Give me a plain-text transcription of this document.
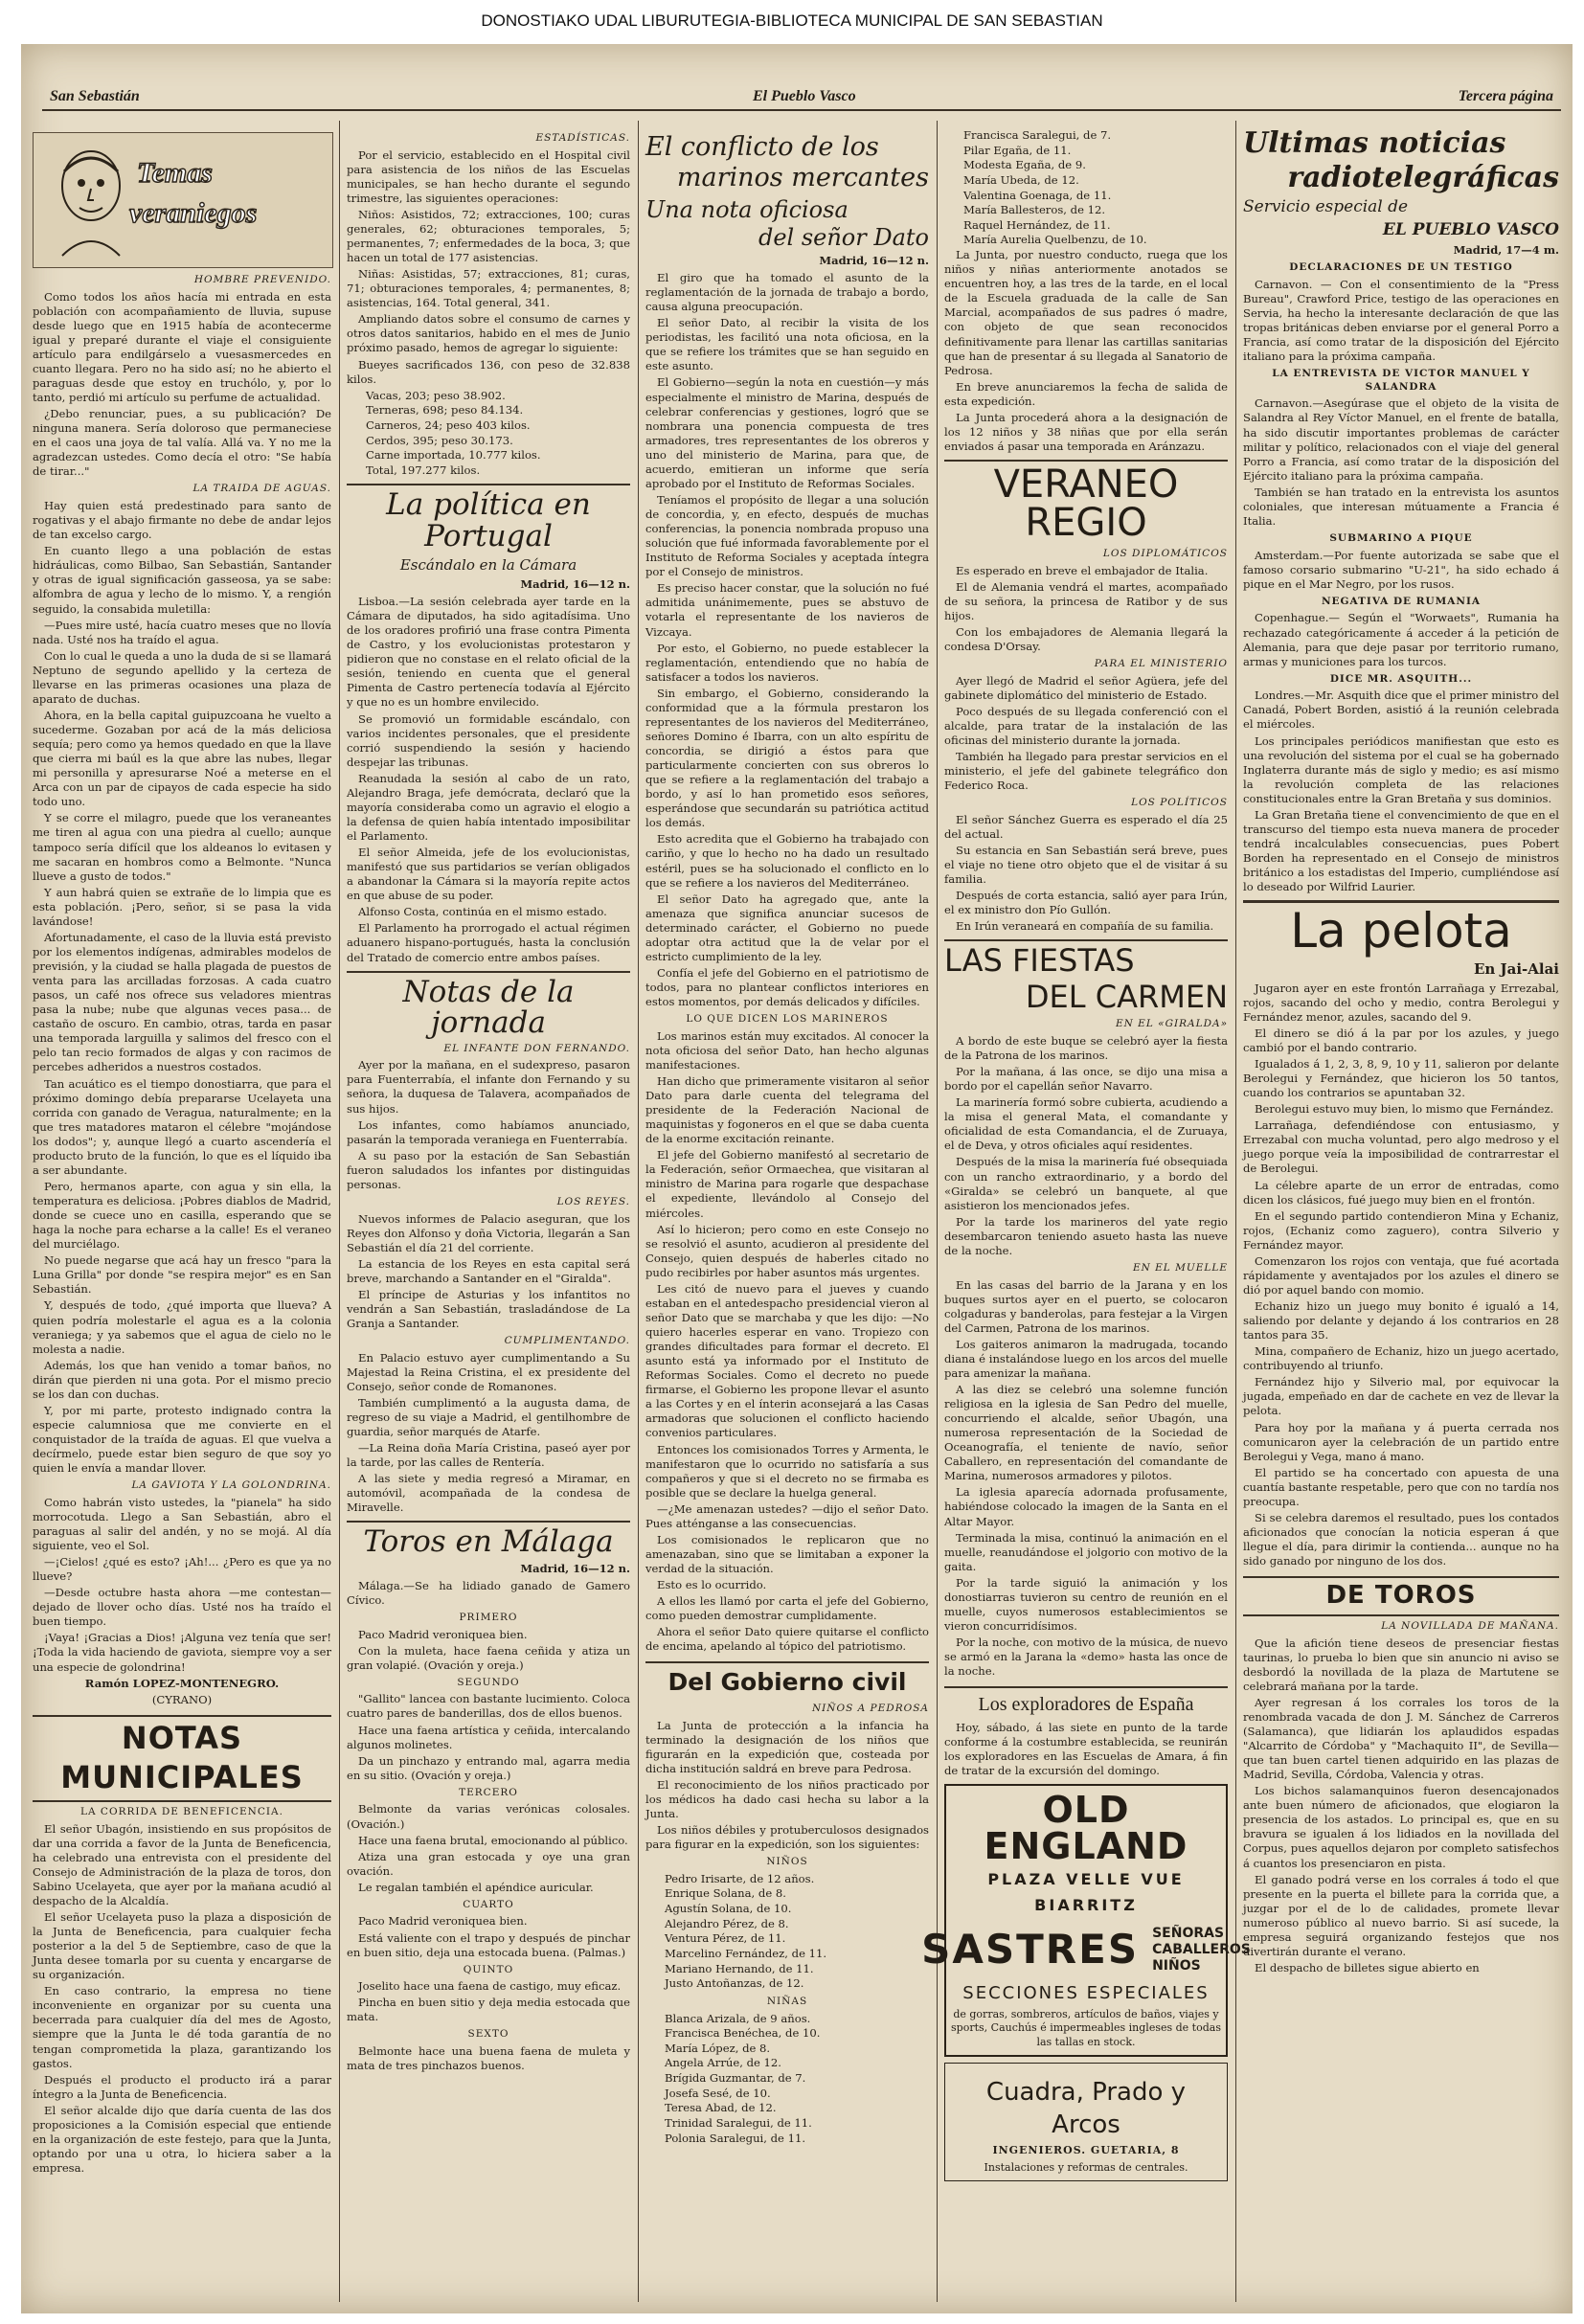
DONOSTIAKO UDAL LIBURUTEGIA-BIBLIOTECA MUNICIPAL DE SAN SEBASTIAN
San Sebastián	El Pueblo Vasco	Tercera página
Temas
veraniegos

HOMBRE PREVENIDO.

Como todos los años hacía mi entrada en esta población con acompañamiento de lluvia, supuse desde luego que en 1915 había de acontecerme igual y preparé durante el viaje el consiguiente artículo para endilgárselo a vuesasmercedes en cuanto llegara. Pero no ha sido así; no he abierto el paraguas desde que estoy en truchólo, y, por lo tanto, perdió mi artículo su perfume de actualidad.

¿Debo renunciar, pues, a su publicación? De ninguna manera. Sería doloroso que permaneciese en el caos una joya de tal valía. Allá va. Y no me la agradezcan ustedes. Como decía el otro: "Se había de tirar..."

LA TRAIDA DE AGUAS.

Hay quien está predestinado para santo de rogativas y el abajo firmante no debe de andar lejos de tan excelso cargo.

En cuanto llego a una población de estas hidráulicas, como Bilbao, San Sebastián, Santander y otras de igual significación gasseosa, ya se sabe: alfombra de agua y lecho de lo mismo. Y, a rengión seguido, la consabida muletilla:

—Pues mire usté, hacía cuatro meses que no llovía nada. Usté nos ha traído el agua.

Con lo cual le queda a uno la duda de si se llamará Neptuno de segundo apellido y la certeza de llevarse en las primeras ocasiones una plaza de aparato de duchas.

Ahora, en la bella capital guipuzcoana he vuelto a sucederme. Gozaban por acá de la más deliciosa sequía; pero como ya hemos quedado en que la llave que cierra mi baúl es la que abre las nubes, llegar mi personilla y apresurarse Noé a meterse en el Arca con un par de cipayos de cada especie ha sido todo uno.

Y se corre el milagro, puede que los veraneantes me tiren al agua con una piedra al cuello; aunque tampoco sería difícil que los aldeanos lo evitasen y me sacaran en hombros como a Belmonte. "Nunca llueve a gusto de todos."

Y aun habrá quien se extrañe de lo limpia que es esta población. ¡Pero, señor, si se pasa la vida lavándose!

Afortunadamente, el caso de la lluvia está previsto por los elementos indígenas, admirables modelos de previsión, y la ciudad se halla plagada de puestos de venta para las arcilladas forzosas. A cada cuatro pasos, un café nos ofrece sus veladores mientras pasa la nube; nube que algunas veces pasa... de castaño de oscuro. En cambio, otras, tarda en pasar una temporada larguilla y salimos del fresco con el pelo tan recio formados de algas y con racimos de percebes adheridos a nuestros costados.

Tan acuático es el tiempo donostiarra, que para el próximo domingo debía prepararse Ucelayeta una corrida con ganado de Veragua, naturalmente; en la que tres matadores mataron el célebre "mojándose los dodos"; y, aunque llegó a cuarto ascendería el producto bruto de la función, lo que es el líquido iba a ser abundante.

Pero, hermanos aparte, con agua y sin ella, la temperatura es deliciosa. ¡Pobres diablos de Madrid, donde se cuece uno en casilla, esperando que se haga la noche para echarse a la calle! Es el veraneo del murciélago.

No puede negarse que acá hay un fresco "para la Luna Grilla" por donde "se respira mejor" es en San Sebastián.

Y, después de todo, ¿qué importa que llueva? A quien podría molestarle el agua es a la colonia veraniega; y ya sabemos que el agua de cielo no le molesta a nadie.

Además, los que han venido a tomar baños, no dirán que pierden ni una gota. Por el mismo precio se los dan con duchas.

Y, por mi parte, protesto indignado contra la especie calumniosa que me convierte en el conquistador de la traída de aguas. El que vuelva a decírmelo, puede estar bien seguro de que soy yo quien le envía a mandar llover.

LA GAVIOTA Y LA GOLONDRINA.

Como habrán visto ustedes, la "pianela" ha sido morrocotuda. Llego a San Sebastián, abro el paraguas al salir del andén, y no se mojá. Al día siguiente, veo el Sol.

—¡Cielos! ¿qué es esto? ¡Ah!... ¿Pero es que ya no llueve?

—Desde octubre hasta ahora —me contestan— dejado de llover ocho días. Usté nos ha traído el buen tiempo.

¡Vaya! ¡Gracias a Dios! ¡Alguna vez tenía que ser! ¡Toda la vida haciendo de gaviota, siempre voy a ser una especie de golondrina!

Ramón LOPEZ-MONTENEGRO.

(CYRANO)

NOTAS MUNICIPALES

LA CORRIDA DE BENEFICENCIA.

El señor Ubagón, insistiendo en sus propósitos de dar una corrida a favor de la Junta de Beneficencia, ha celebrado una entrevista con el presidente del Consejo de Administración de la plaza de toros, don Sabino Ucelayeta, que ayer por la mañana acudió al despacho de la Alcaldía.

El señor Ucelayeta puso la plaza a disposición de la Junta de Beneficencia, para cualquier fecha posterior a la del 5 de Septiembre, caso de que la Junta desee tomarla por su cuenta y encargarse de su organización.

En caso contrario, la empresa no tiene inconveniente en organizar por su cuenta una becerrada para cualquier día del mes de Agosto, siempre que la Junta le dé toda garantía de no tengan comprometida la plaza, garantizando los gastos.

Después el producto el producto irá a parar íntegro a la Junta de Beneficencia.

El señor alcalde dijo que daría cuenta de las dos proposiciones a la Comisión especial que entiende en la organización de este festejo, para que la Junta, optando por una u otra, lo hiciera saber a la empresa.

ESTADÍSTICAS.

Por el servicio, establecido en el Hospital civil para asistencia de los niños de las Escuelas municipales, se han hecho durante el segundo trimestre, las siguientes operaciones:

Niños: Asistidos, 72; extracciones, 100; curas generales, 62; obturaciones temporales, 5; permanentes, 7; enfermedades de la boca, 3; que hacen un total de 177 asistencias.

Niñas: Asistidas, 57; extracciones, 81; curas, 71; obturaciones temporales, 4; permanentes, 8; asistencias, 164. Total general, 341.

Ampliando datos sobre el consumo de carnes y otros datos sanitarios, habido en el mes de Junio próximo pasado, hemos de agregar lo siguiente:

Bueyes sacrificados 136, con peso de 32.838 kilos.

Vacas, 203; peso 38.902.
Terneras, 698; peso 84.134.
Carneros, 24; peso 403 kilos.
Cerdos, 395; peso 30.173.
Carne importada, 10.777 kilos.
Total, 197.277 kilos.
La política en Portugal

Escándalo en la Cámara

Madrid, 16—12 n.

Lisboa.—La sesión celebrada ayer tarde en la Cámara de diputados, ha sido agitadísima. Uno de los oradores profirió una frase contra Pimenta de Castro, y los evolucionistas protestaron y pidieron que no constase en el relato oficial de la sesión, teniendo en cuenta que el general Pimenta de Castro pertenecía todavía al Ejército y que no es un hombre envilecido.

Se promovió un formidable escándalo, con varios incidentes personales, que el presidente corrió suspendiendo la sesión y haciendo despejar las tribunas.

Reanudada la sesión al cabo de un rato, Alejandro Braga, jefe demócrata, declaró que la mayoría consideraba como un agravio el elogio a la defensa de quien había intentado imposibilitar el Parlamento.

El señor Almeida, jefe de los evolucionistas, manifestó que sus partidarios se verían obligados a abandonar la Cámara si la mayoría repite actos en que abuse de su poder.

Alfonso Costa, continúa en el mismo estado.

El Parlamento ha prorrogado el actual régimen aduanero hispano-portugués, hasta la conclusión del Tratado de comercio entre ambos países.

Notas de la jornada

EL INFANTE DON FERNANDO.

Ayer por la mañana, en el sudexpreso, pasaron para Fuenterrabía, el infante don Fernando y su señora, la duquesa de Talavera, acompañados de sus hijos.

Los infantes, como habíamos anunciado, pasarán la temporada veraniega en Fuenterrabía.

A su paso por la estación de San Sebastián fueron saludados los infantes por distinguidas personas.

LOS REYES.

Nuevos informes de Palacio aseguran, que los Reyes don Alfonso y doña Victoria, llegarán a San Sebastián el día 21 del corriente.

La estancia de los Reyes en esta capital será breve, marchando a Santander en el "Giralda".

El príncipe de Asturias y los infantitos no vendrán a San Sebastián, trasladándose de La Granja a Santander.

CUMPLIMENTANDO.

En Palacio estuvo ayer cumplimentando a Su Majestad la Reina Cristina, el ex presidente del Consejo, señor conde de Romanones.

También cumplimentó a la augusta dama, de regreso de su viaje a Madrid, el gentilhombre de guardia, señor marqués de Atarfe.

—La Reina doña María Cristina, paseó ayer por la tarde, por las calles de Rentería.

A las siete y media regresó a Miramar, en automóvil, acompañada de la condesa de Miravelle.

Toros en Málaga

Madrid, 16—12 n.

Málaga.—Se ha lidiado ganado de Gamero Cívico.

PRIMERO

Paco Madrid veroniquea bien.

Con la muleta, hace faena ceñida y atiza un gran volapié. (Ovación y oreja.)

SEGUNDO

"Gallito" lancea con bastante lucimiento. Coloca cuatro pares de banderillas, dos de ellos buenos.

Hace una faena artística y ceñida, intercalando algunos molinetes.

Da un pinchazo y entrando mal, agarra media en su sitio. (Ovación y oreja.)

TERCERO

Belmonte da varias verónicas colosales. (Ovación.)

Hace una faena brutal, emocionando al público.

Atiza una gran estocada y oye una gran ovación.

Le regalan también el apéndice auricular.

CUARTO

Paco Madrid veroniquea bien.

Está valiente con el trapo y después de pinchar en buen sitio, deja una estocada buena. (Palmas.)

QUINTO

Joselito hace una faena de castigo, muy eficaz.

Pincha en buen sitio y deja media estocada que mata.

SEXTO

Belmonte hace una buena faena de muleta y mata de tres pinchazos buenos.

El conflicto de los
marinos mercantes
Una nota oficiosa
del señor Dato

Madrid, 16—12 n.

El giro que ha tomado el asunto de la reglamentación de la jornada de trabajo a bordo, causa alguna preocupación.

El señor Dato, al recibir la visita de los periodistas, les facilitó una nota oficiosa, en la que se refiere los trámites que se han seguido en este asunto.

El Gobierno—según la nota en cuestión—y más especialmente el ministro de Marina, después de celebrar conferencias y gestiones, logró que se nombrara una ponencia compuesta de tres armadores, tres representantes de los obreros y uno del ministerio de Marina, para que, de acuerdo, emitieran un informe que sería aprobado por el Instituto de Reformas Sociales.

Teníamos el propósito de llegar a una solución de concordia, y, en efecto, después de muchas conferencias, la ponencia nombrada propuso una solución que fué informada favorablemente por el Instituto de Reforma Sociales y aceptada íntegra por el Consejo de ministros.

Es preciso hacer constar, que la solución no fué admitida unánimemente, pues se abstuvo de votarla el representante de los navieros de Vizcaya.

Por esto, el Gobierno, no puede establecer la reglamentación, entendiendo que no había de satisfacer a todos los navieros.

Sin embargo, el Gobierno, considerando la conformidad que a la fórmula prestaron los representantes de los navieros del Mediterráneo, señores Domino é Ibarra, con un alto espíritu de concordia, se dirigió a éstos para que particularmente concierten con sus obreros lo que se refiere a la reglamentación del trabajo a bordo, y así lo han prometido esos señores, esperándose que secundarán su patriótica actitud los demás.

Esto acredita que el Gobierno ha trabajado con cariño, y que lo hecho no ha dado un resultado estéril, pues se ha solucionado el conflicto en lo que se refiere a los navieros del Mediterráneo.

El señor Dato ha agregado que, ante la amenaza que significa anunciar sucesos de determinado carácter, el Gobierno no puede adoptar otra actitud que la de velar por el estricto cumplimiento de la ley.

Confía el jefe del Gobierno en el patriotismo de todos, para no plantear conflictos interiores en estos momentos, por demás delicados y difíciles.

LO QUE DICEN LOS MARINEROS

Los marinos están muy excitados. Al conocer la nota oficiosa del señor Dato, han hecho algunas manifestaciones.

Han dicho que primeramente visitaron al señor Dato para darle cuenta del telegrama del presidente de la Federación Nacional de maquinistas y fogoneros en el que se daba cuenta de la enorme excitación reinante.

El jefe del Gobierno manifestó al secretario de la Federación, señor Ormaechea, que visitaran al ministro de Marina para rogarle que despachase el expediente, llevándolo al Consejo del miércoles.

Así lo hicieron; pero como en este Consejo no se resolvió el asunto, acudieron al presidente del Consejo, quien después de haberles citado no pudo recibirles por haber asuntos más urgentes.

Les citó de nuevo para el jueves y cuando estaban en el antedespacho presidencial vieron al señor Dato que se marchaba y que les dijo: —No quiero hacerles esperar en vano. Tropiezo con grandes dificultades para formar el decreto. El asunto está ya informado por el Instituto de Reformas Sociales. Como el decreto no puede firmarse, el Gobierno les propone llevar el asunto a las Cortes y en el ínterin aconsejará a las Casas armadoras que solucionen el conflicto haciendo convenios particulares.

Entonces los comisionados Torres y Armenta, le manifestaron que lo ocurrido no satisfaría a sus compañeros y que si el decreto no se firmaba es posible que se declare la huelga general.

—¿Me amenazan ustedes? —dijo el señor Dato. Pues atténganse a las consecuencias.

Los comisionados le replicaron que no amenazaban, sino que se limitaban a exponer la verdad de la situación.

Esto es lo ocurrido.

A ellos les llamó por carta el jefe del Gobierno, como pueden demostrar cumplidamente.

Ahora el señor Dato quiere quitarse el conflicto de encima, apelando al tópico del patriotismo.

Del Gobierno civil

NIÑOS A PEDROSA

La Junta de protección a la infancia ha terminado la designación de los niños que figurarán en la expedición que, costeada por dicha institución saldrá en breve para Pedrosa.

El reconocimiento de los niños practicado por los médicos ha dado casi hecha su labor a la Junta.

Los niños débiles y protuberculosos designados para figurar en la expedición, son los siguientes:

NIÑOS

Pedro Irisarte, de 12 años.
Enrique Solana, de 8.
Agustín Solana, de 10.
Alejandro Pérez, de 8.
Ventura Pérez, de 11.
Marcelino Fernández, de 11.
Mariano Hernando, de 11.
Justo Antoñanzas, de 12.

NIÑAS

Blanca Arizala, de 9 años.
Francisca Benéchea, de 10.
María López, de 8.
Angela Arrúe, de 12.
Brígida Guzmantar, de 7.
Josefa Sesé, de 10.
Teresa Abad, de 12.
Trinidad Saralegui, de 11.
Polonia Saralegui, de 11.
Francisca Saralegui, de 7.
Pilar Egaña, de 11.
Modesta Egaña, de 9.
María Ubeda, de 12.
Valentina Goenaga, de 11.
María Ballesteros, de 12.
Raquel Hernández, de 11.
María Aurelia Quelbenzu, de 10.

La Junta, por nuestro conducto, ruega que los niños y niñas anteriormente anotados se encuentren hoy, a las tres de la tarde, en el local de la Escuela graduada de la calle de San Marcial, acompañados de sus padres ó madre, con objeto de que sean reconocidos definitivamente para llenar las cartillas sanitarias que han de presentar á su llegada al Sanatorio de Pedrosa.

En breve anunciaremos la fecha de salida de esta expedición.

La Junta procederá ahora a la designación de los 12 niños y 38 niñas que por ella serán enviados á pasar una temporada en Aránzazu.

VERANEO REGIO

LOS DIPLOMÁTICOS

Es esperado en breve el embajador de Italia.

El de Alemania vendrá el martes, acompañado de su señora, la princesa de Ratibor y de sus hijos.

Con los embajadores de Alemania llegará la condesa D'Orsay.

PARA EL MINISTERIO

Ayer llegó de Madrid el señor Agüera, jefe del gabinete diplomático del ministerio de Estado.

Poco después de su llegada conferenció con el alcalde, para tratar de la instalación de las oficinas del ministerio durante la jornada.

También ha llegado para prestar servicios en el ministerio, el jefe del gabinete telegráfico don Federico Roca.

LOS POLÍTICOS

El señor Sánchez Guerra es esperado el día 25 del actual.

Su estancia en San Sebastián será breve, pues el viaje no tiene otro objeto que el de visitar á su familia.

Después de corta estancia, salió ayer para Irún, el ex ministro don Pío Gullón.

En Irún veraneará en compañía de su familia.

LAS FIESTAS
DEL CARMEN

EN EL «GIRALDA»

A bordo de este buque se celebró ayer la fiesta de la Patrona de los marinos.

Por la mañana, á las once, se dijo una misa a bordo por el capellán señor Navarro.

La marinería formó sobre cubierta, acudiendo a la misa el general Mata, el comandante y oficialidad de esta Comandancia, el de Zuruaya, el de Deva, y otros oficiales aquí residentes.

Después de la misa la marinería fué obsequiada con un rancho extraordinario, y a bordo del «Giralda» se celebró un banquete, al que asistieron los mencionados jefes.

Por la tarde los marineros del yate regio desembarcaron teniendo asueto hasta las nueve de la noche.

EN EL MUELLE

En las casas del barrio de la Jarana y en los buques surtos ayer en el puerto, se colocaron colgaduras y banderolas, para festejar a la Virgen del Carmen, Patrona de los marinos.

Los gaiteros animaron la madrugada, tocando diana é instalándose luego en los arcos del muelle para amenizar la mañana.

A las diez se celebró una solemne función religiosa en la iglesia de San Pedro del muelle, concurriendo el alcalde, señor Ubagón, una numerosa representación de la Sociedad de Oceanografía, el teniente de navío, señor Caballero, en representación del comandante de Marina, numerosos armadores y pilotos.

La iglesia aparecía adornada profusamente, habiéndose colocado la imagen de la Santa en el Altar Mayor.

Terminada la misa, continuó la animación en el muelle, reanudándose el jolgorio con motivo de la gaita.

Por la tarde siguió la animación y los donostiarras tuvieron su centro de reunión en el muelle, cuyos numerosos establecimientos se vieron concurridísimos.

Por la noche, con motivo de la música, de nuevo se armó en la Jarana la «demo» hasta las once de la noche.

Los exploradores de España

Hoy, sábado, á las siete en punto de la tarde conforme á la costumbre establecida, se reunirán los exploradores en las Escuelas de Amara, á fin de tratar de la excursión del domingo.

OLD ENGLAND
PLAZA VELLE VUE
BIARRITZ
SASTRES SEÑORAS
CABALLEROS
NIÑOS
SECCIONES ESPECIALES
de gorras, sombreros, artículos de baños, viajes y sports, Cauchús é impermeables ingleses de todas las tallas en stock.
Cuadra, Prado y Arcos
INGENIEROS. GUETARIA, 8
Instalaciones y reformas de centrales.
Ultimas noticias
radiotelegráficas

Servicio especial de

EL PUEBLO VASCO

Madrid, 17—4 m.

DECLARACIONES DE UN TESTIGO

Carnavon. — Con el consentimiento de la "Press Bureau", Crawford Price, testigo de las operaciones en Servia, ha hecho la interesante declaración de que las tropas británicas deben enviarse por el general Porro a Francia, así como tratar de la disposición del Ejército italiano para la próxima campaña.

LA ENTREVISTA DE VICTOR MANUEL Y SALANDRA

Carnavon.—Asegúrase que el objeto de la visita de Salandra al Rey Víctor Manuel, en el frente de batalla, ha sido discutir importantes problemas de carácter militar y político, relacionados con el viaje del general Porro a Francia, así como tratar de la disposición del Ejército italiano para la próxima campaña.

También se han tratado en la entrevista los asuntos coloniales, que interesan mútuamente a Francia é Italia.

SUBMARINO A PIQUE

Amsterdam.—Por fuente autorizada se sabe que el famoso corsario submarino "U-21", ha sido echado á pique en el Mar Negro, por los rusos.

NEGATIVA DE RUMANIA

Copenhague.— Según el "Worwaets", Rumania ha rechazado categóricamente á acceder á la petición de Alemania, para que deje pasar por territorio rumano, armas y municiones para los turcos.

DICE MR. ASQUITH...

Londres.—Mr. Asquith dice que el primer ministro del Canadá, Pobert Borden, asistió á la reunión celebrada el miércoles.

Los principales periódicos manifiestan que esto es una revolución del sistema por el cual se ha gobernado Inglaterra durante más de siglo y medio; es así mismo la revolución completa de las relaciones constitucionales entre la Gran Bretaña y sus dominios.

La Gran Bretaña tiene el convencimiento de que en el transcurso del tiempo esta nueva manera de proceder tendrá incalculables consecuencias, pues Pobert Borden ha representado en el Consejo de ministros británico a los estadistas del Imperio, cumpliéndose así lo deseado por Wilfrid Laurier.

La pelota

En Jai-Alai

Jugaron ayer en este frontón Larrañaga y Errezabal, rojos, sacando del ocho y medio, contra Berolegui y Fernández menor, azules, sacando del 9.

El dinero se dió á la par por los azules, y juego cambió por el bando contrario.

Igualados á 1, 2, 3, 8, 9, 10 y 11, salieron por delante Berolegui y Fernández, que hicieron los 50 tantos, cuando los contrarios se apuntaban 32.

Berolegui estuvo muy bien, lo mismo que Fernández.

Larrañaga, defendiéndose con entusiasmo, y Errezabal con mucha voluntad, pero algo medroso y el juego porque veía la imposibilidad de contrarrestar el de Berolegui.

La célebre aparte de un error de entradas, como dicen los clásicos, fué juego muy bien en el frontón.

En el segundo partido contendieron Mina y Echaniz, rojos, (Echaniz como zaguero), contra Silverio y Fernández mayor.

Comenzaron los rojos con ventaja, que fué acortada rápidamente y aventajados por los azules el dinero se dió por aquel bando con momio.

Echaniz hizo un juego muy bonito é igualó a 14, saliendo por delante y dejando á los contrarios en 28 tantos para 35.

Mina, compañero de Echaniz, hizo un juego acertado, contribuyendo al triunfo.

Fernández hijo y Silverio mal, por equivocar la jugada, empeñado en dar de cachete en vez de llevar la pelota.

Para hoy por la mañana y á puerta cerrada nos comunicaron ayer la celebración de un partido entre Berolegui y Vega, mano á mano.

El partido se ha concertado con apuesta de una cuantía bastante respetable, pero que con no tardía nos preocupa.

Si se celebra daremos el resultado, pues los contados aficionados que conocían la noticia esperan á que llegue el día, para dirimir la contienda... aunque no ha sido ganado por ninguno de los dos.

DE TOROS

LA NOVILLADA DE MAÑANA.

Que la afición tiene deseos de presenciar fiestas taurinas, lo prueba lo bien que sin anuncio ni aviso se desbordó la novillada de la plaza de Martutene se celebrará mañana por la tarde.

Ayer regresan á los corrales los toros de la renombrada vacada de don J. M. Sánchez de Carreros (Salamanca), que lidiarán los aplaudidos espadas "Alcarrito de Córdoba" y "Machaquito II", de Sevilla—que tan buen cartel tienen adquirido en las plazas de Madrid, Sevilla, Córdoba, Valencia y otras.

Los bichos salamanquinos fueron desencajonados ante buen número de aficionados, que elogiaron la presencia de los astados. Lo principal es, que en su bravura se igualen á los lidiados en la novillada del Corpus, pues aquellos dejaron por completo satisfechos á cuantos los presenciaron en pista.

El ganado podrá verse en los corrales á todo el que presente en la puerta el billete para la corrida que, a juzgar por el de lo de calidades, promete llevar numeroso público al nuevo barrio. Si así sucede, la empresa seguirá organizando festejos que nos divertirán durante el verano.

El despacho de billetes sigue abierto en
